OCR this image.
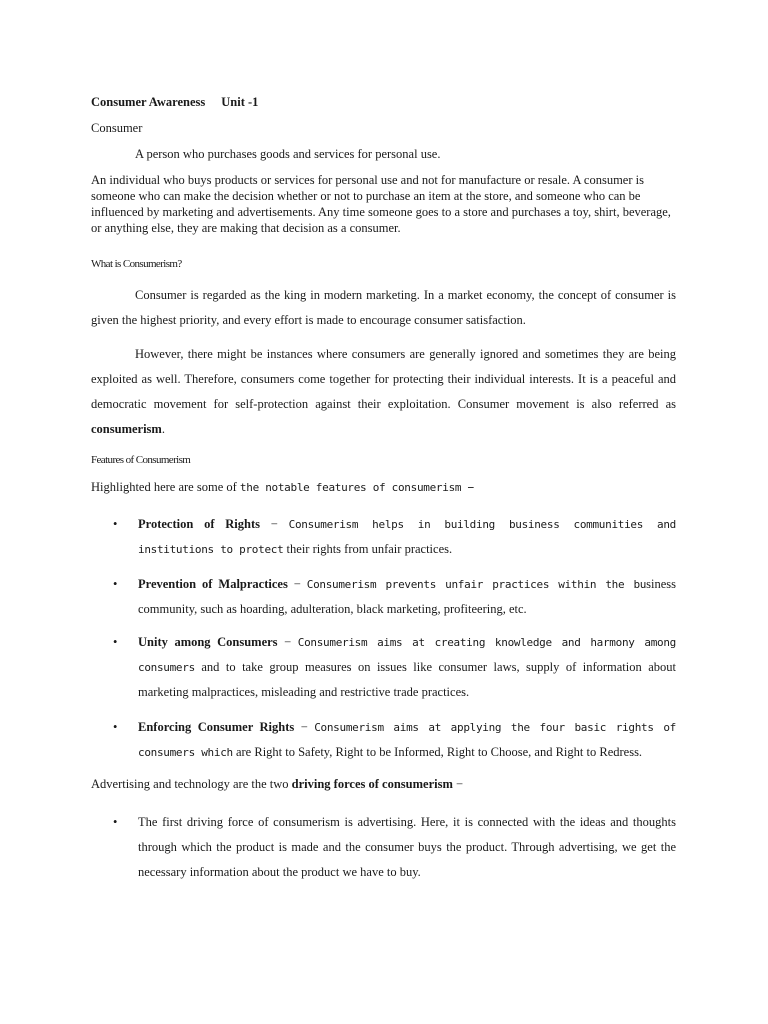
Consumer Awareness Unit -1
Consumer
A person who purchases goods and services for personal use.
An individual who buys products or services for personal use and not for manufacture or resale. A consumer is someone who can make the decision whether or not to purchase an item at the store, and someone who can be influenced by marketing and advertisements. Any time someone goes to a store and purchases a toy, shirt, beverage, or anything else, they are making that decision as a consumer.
What is Consumerism?
Consumer is regarded as the king in modern marketing. In a market economy, the concept of consumer is given the highest priority, and every effort is made to encourage consumer satisfaction.
However, there might be instances where consumers are generally ignored and sometimes they are being exploited as well. Therefore, consumers come together for protecting their individual interests. It is a peaceful and democratic movement for self-protection against their exploitation. Consumer movement is also referred as consumerism.
Features of Consumerism
Highlighted here are some of the notable features of consumerism −
• Protection of Rights − Consumerism helps in building business communities and institutions to protect their rights from unfair practices.
• Prevention of Malpractices − Consumerism prevents unfair practices within the business community, such as hoarding, adulteration, black marketing, profiteering, etc.
• Unity among Consumers − Consumerism aims at creating knowledge and harmony among consumers and to take group measures on issues like consumer laws, supply of information about marketing malpractices, misleading and restrictive trade practices.
• Enforcing Consumer Rights − Consumerism aims at applying the four basic rights of consumers which are Right to Safety, Right to be Informed, Right to Choose, and Right to Redress.
Advertising and technology are the two driving forces of consumerism −
• The first driving force of consumerism is advertising. Here, it is connected with the ideas and thoughts through which the product is made and the consumer buys the product. Through advertising, we get the necessary information about the product we have to buy.
